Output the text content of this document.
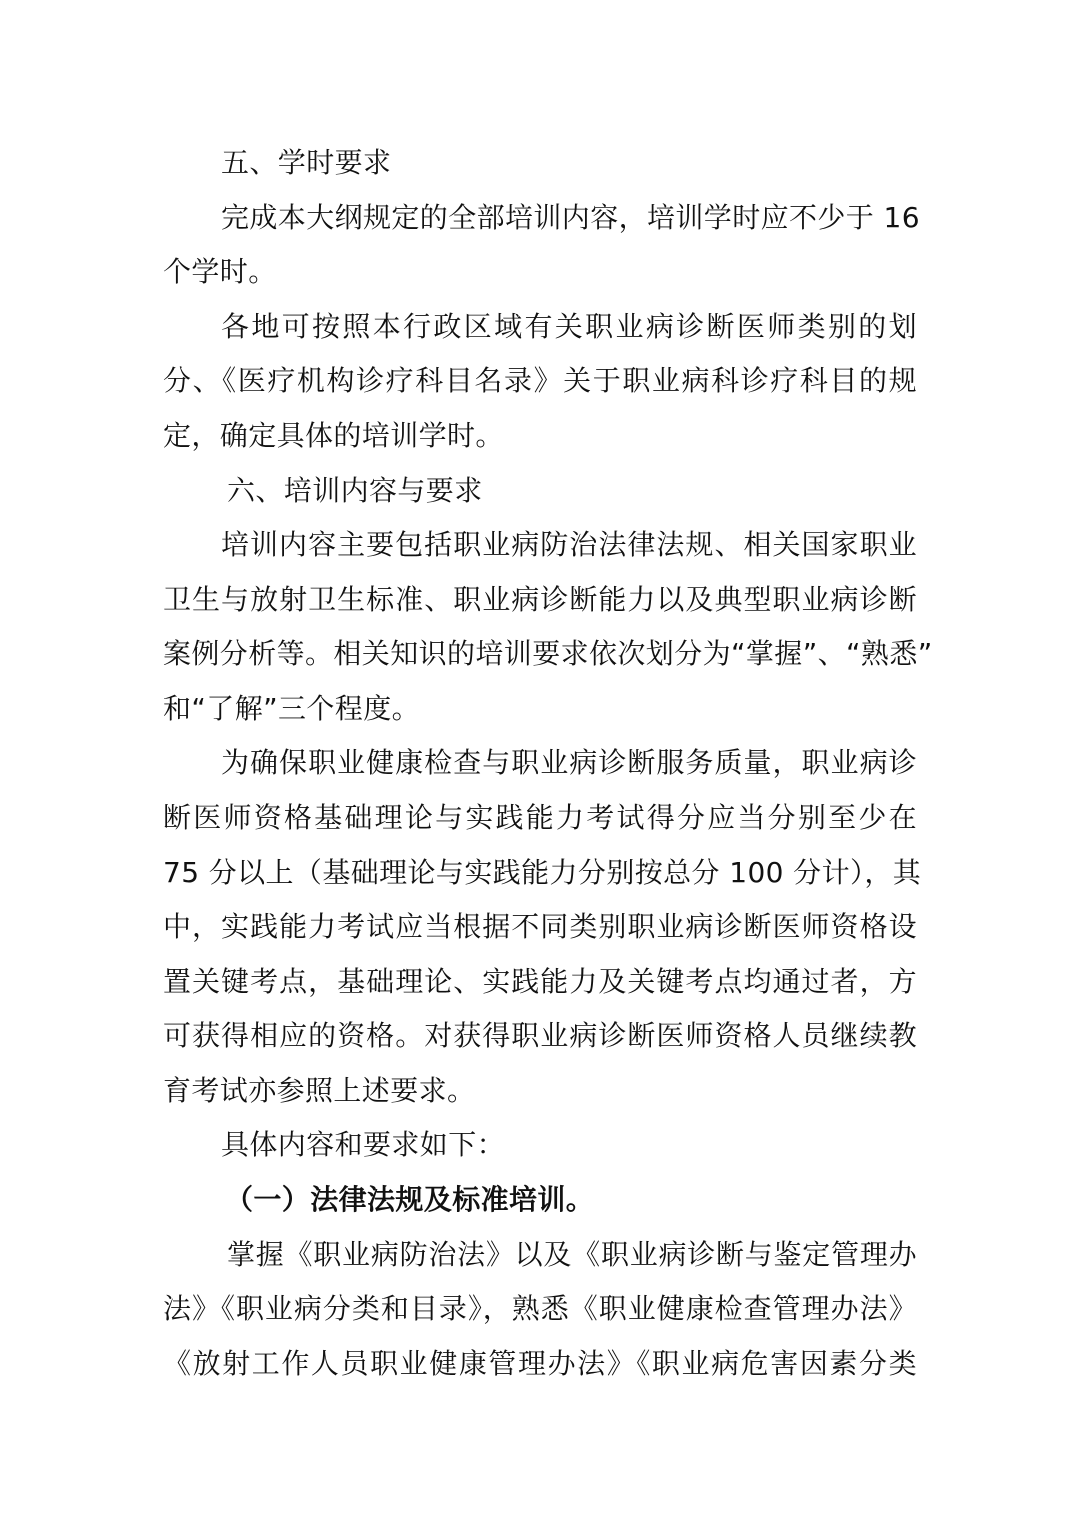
五、学时要求
完成本大纲规定的全部培训内容，培训学时应不少于 16
个学时。
各地可按照本行政区域有关职业病诊断医师类别的划
分、《医疗机构诊疗科目名录》关于职业病科诊疗科目的规
定，确定具体的培训学时。
六、培训内容与要求
培训内容主要包括职业病防治法律法规、相关国家职业
卫生与放射卫生标准、职业病诊断能力以及典型职业病诊断
案例分析等。相关知识的培训要求依次划分为“掌握”、“熟悉”
和“了解”三个程度。
为确保职业健康检查与职业病诊断服务质量，职业病诊
断医师资格基础理论与实践能力考试得分应当分别至少在
75 分以上（基础理论与实践能力分别按总分 100 分计），其
中，实践能力考试应当根据不同类别职业病诊断医师资格设
置关键考点，基础理论、实践能力及关键考点均通过者，方
可获得相应的资格。对获得职业病诊断医师资格人员继续教
育考试亦参照上述要求。
具体内容和要求如下：
（一）法律法规及标准培训。
掌握《职业病防治法》以及《职业病诊断与鉴定管理办
法》《职业病分类和目录》，熟悉《职业健康检查管理办法》
《放射工作人员职业健康管理办法》《职业病危害因素分类
